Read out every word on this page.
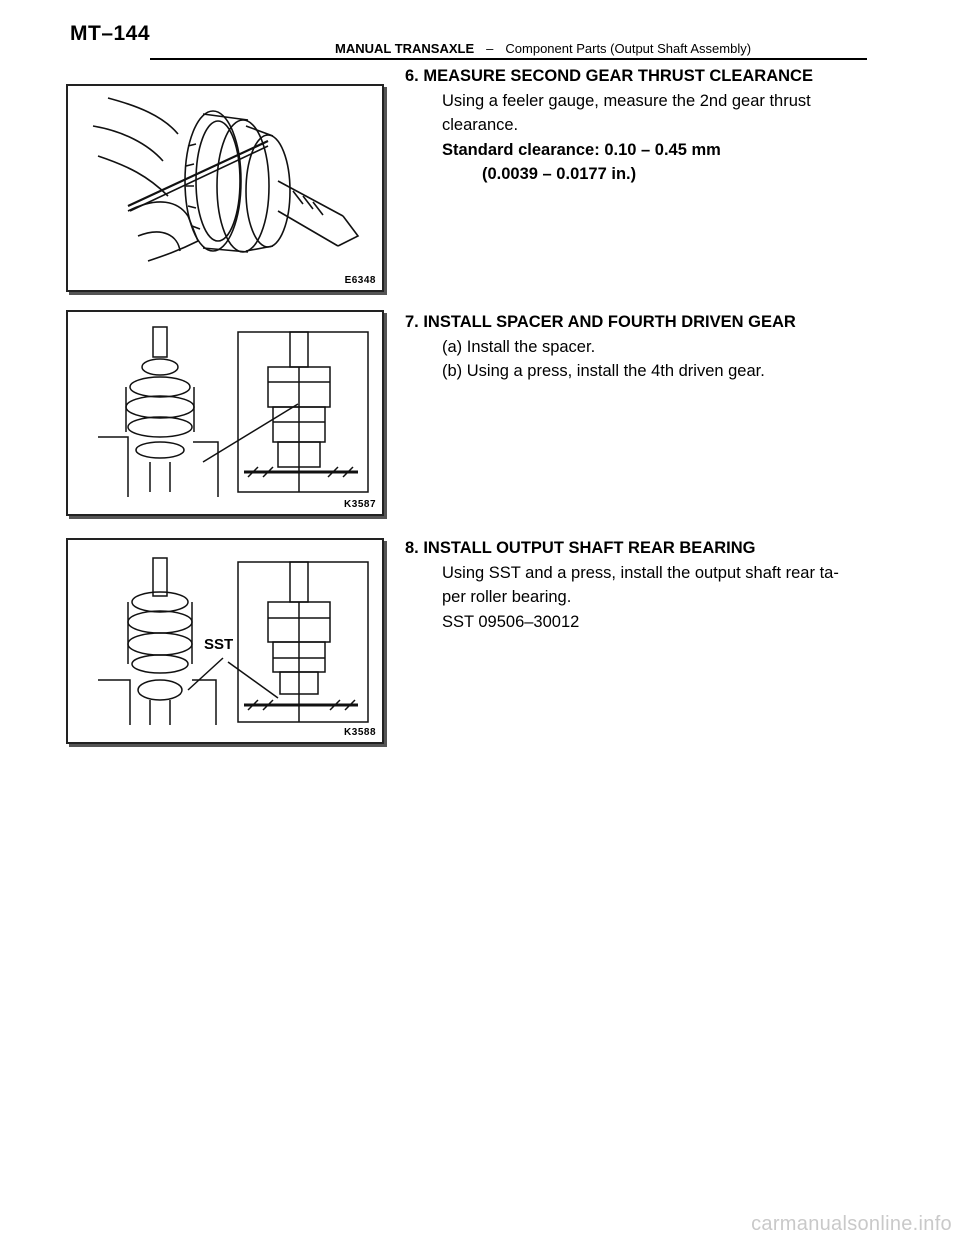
MT–144
MANUAL TRANSAXLE – Component Parts (Output Shaft Assembly)
E6348
6. MEASURE SECOND GEAR THRUST CLEARANCE
Using a feeler gauge, measure the 2nd gear thrust
clearance.
Standard clearance: 0.10 – 0.45 mm
(0.0039 – 0.0177 in.)
K3587
7. INSTALL SPACER AND FOURTH DRIVEN GEAR
(a) Install the spacer.
(b) Using a press, install the 4th driven gear.
SST
K3588
8. INSTALL OUTPUT SHAFT REAR BEARING
Using SST and a press, install the output shaft rear ta-
per roller bearing.
SST 09506–30012
carmanualsonline.info
